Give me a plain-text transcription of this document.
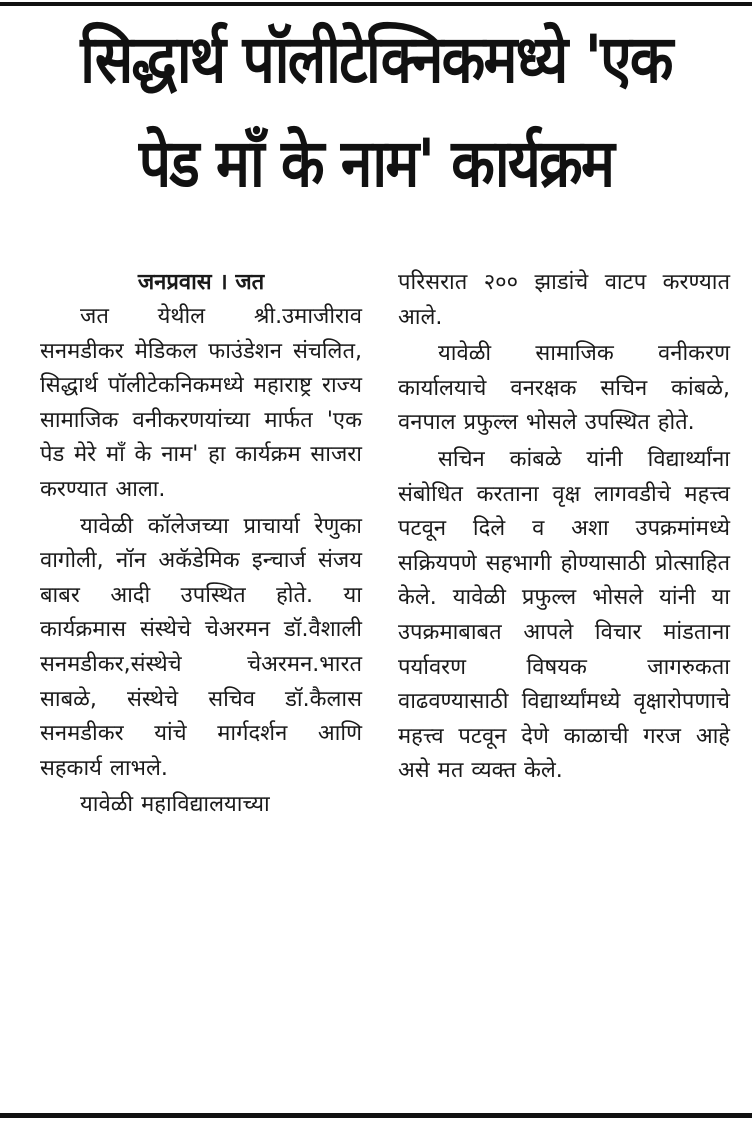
सिद्धार्थ पॉलीटेक्निकमध्ये 'एक
पेड माँ के नाम' कार्यक्रम
जनप्रवास । जत

जत येथील श्री.उमाजीराव सनमडीकर मेडिकल फाउंडेशन संचलित, सिद्धार्थ पॉलीटेकनिकमध्ये महाराष्ट्र राज्य सामाजिक वनीकरणयांच्या मार्फत 'एक पेड मेरे माँ के नाम' हा कार्यक्रम साजरा करण्यात आला.

यावेळी कॉलेजच्या प्राचार्या रेणुका वागोली, नॉन अकॅडेमिक इन्चार्ज संजय बाबर आदी उपस्थित होते. या कार्यक्रमास संस्थेचे चेअरमन डॉ.वैशाली सनमडीकर,संस्थेचे चेअरमन.भारत साबळे, संस्थेचे सचिव डॉ.कैलास सनमडीकर यांचे मार्गदर्शन आणि सहकार्य लाभले.

यावेळी महाविद्यालयाच्या

परिसरात २०० झाडांचे वाटप करण्यात आले.

यावेळी सामाजिक वनीकरण कार्यालयाचे वनरक्षक सचिन कांबळे, वनपाल प्रफुल्ल भोसले उपस्थित होते.

सचिन कांबळे यांनी विद्यार्थ्यांना संबोधित करताना वृक्ष लागवडीचे महत्त्व पटवून दिले व अशा उपक्रमांमध्ये सक्रियपणे सहभागी होण्यासाठी प्रोत्साहित केले. यावेळी प्रफुल्ल भोसले यांनी या उपक्रमाबाबत आपले विचार मांडताना पर्यावरण विषयक जागरुकता वाढवण्यासाठी विद्यार्थ्यांमध्ये वृक्षारोपणाचे महत्त्व पटवून देणे काळाची गरज आहे असे मत व्यक्त केले.
